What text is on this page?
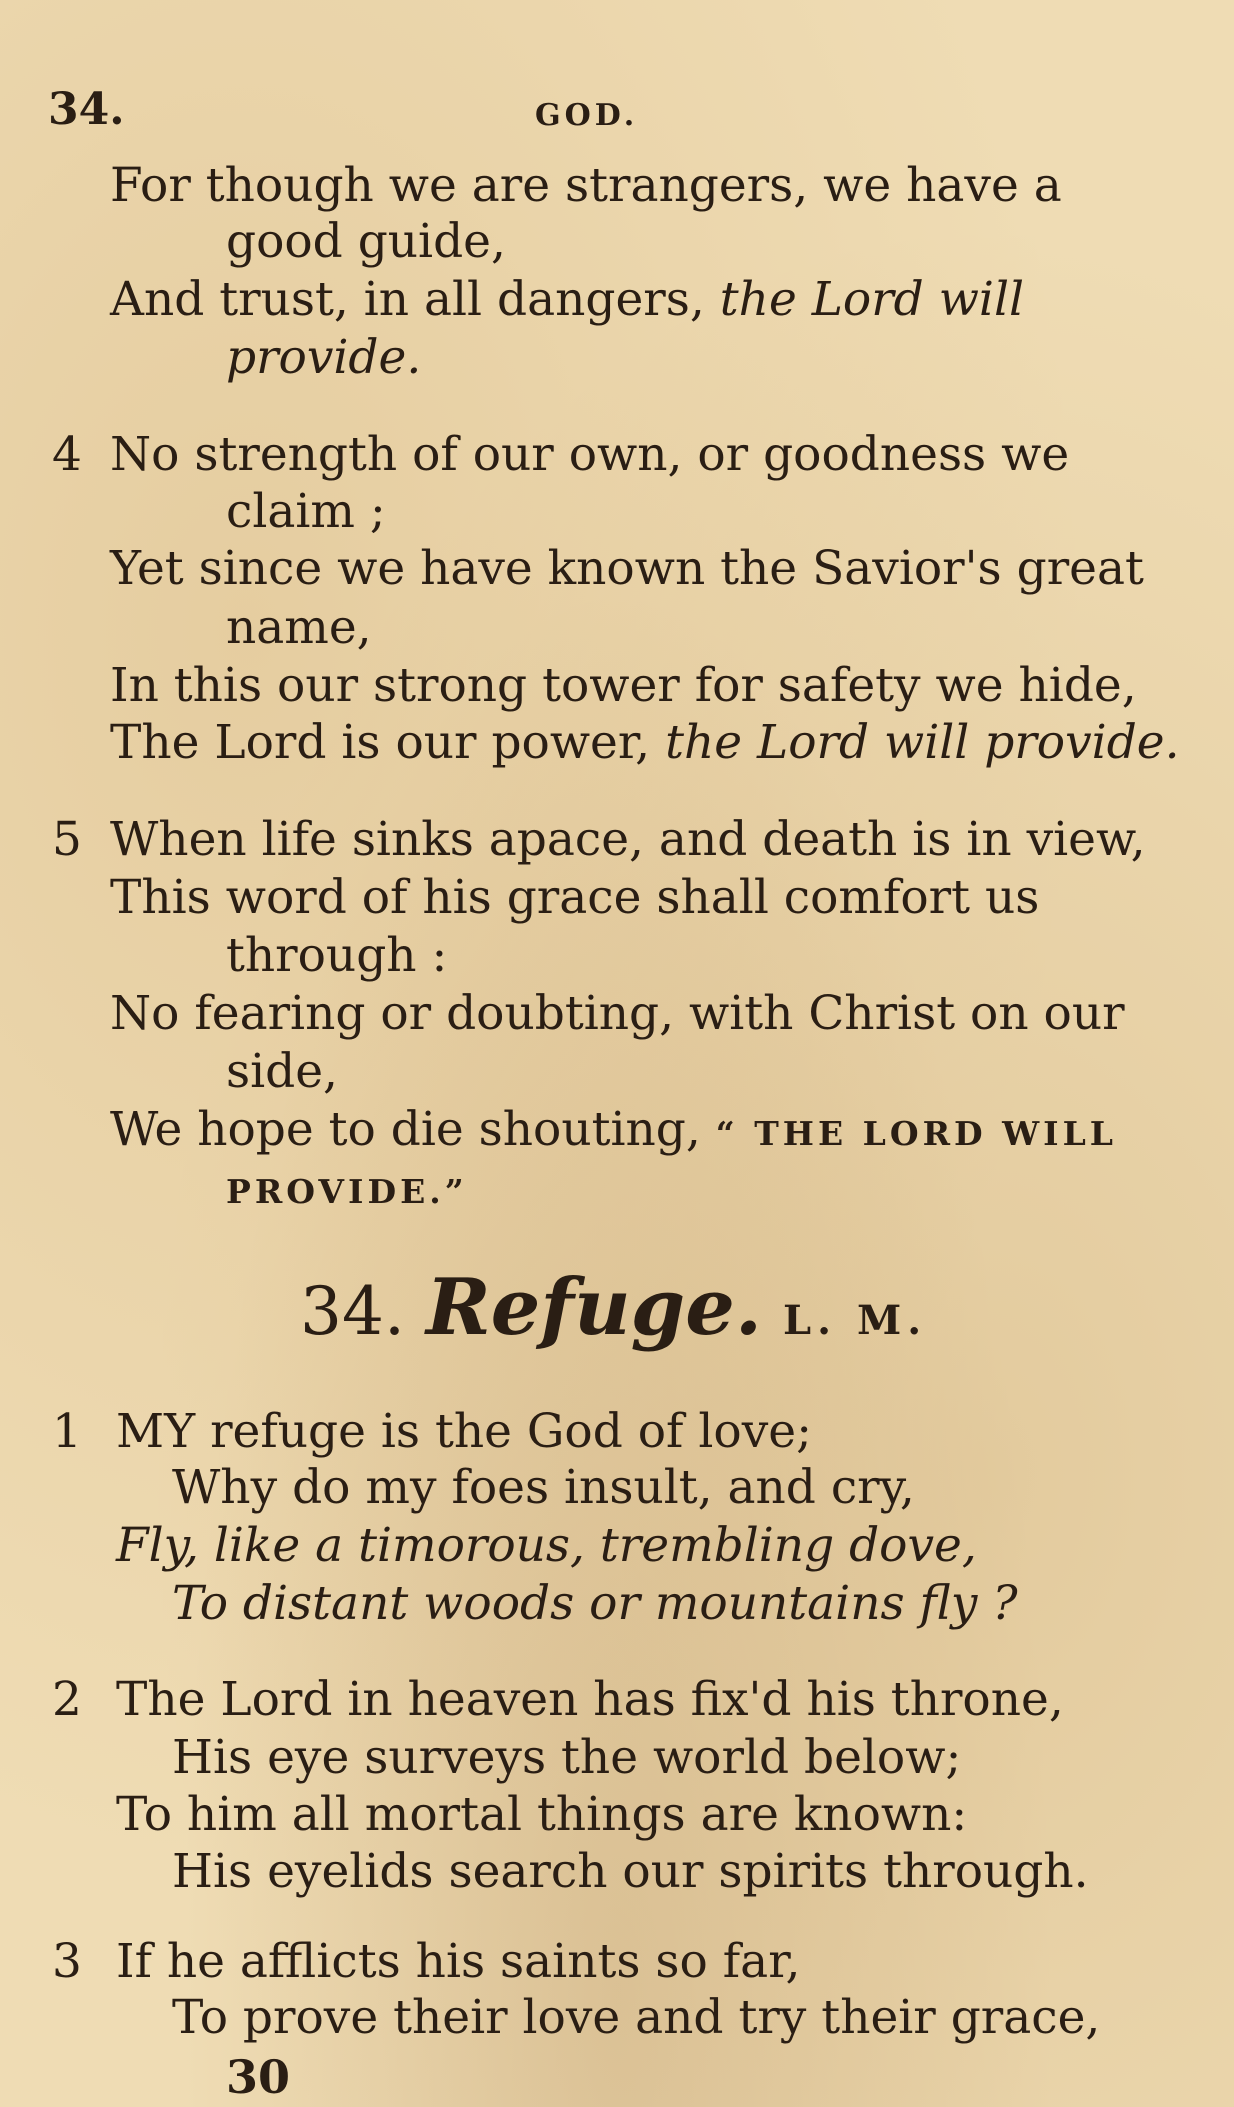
34.	GOD.
For though we are strangers, we have a
good guide,
And trust, in all dangers, the Lord will
provide.
4 No strength of our own, or goodness we
claim ;
Yet since we have known the Savior's great
name,
In this our strong tower for safety we hide,
The Lord is our power, the Lord will provide.
5 When life sinks apace, and death is in view,
This word of his grace shall comfort us
through :
No fearing or doubting, with Christ on our
side,
We hope to die shouting, “ THE LORD WILL
PROVIDE.”
34. Refuge. L. M.
1 MY refuge is the God of love;
Why do my foes insult, and cry,
Fly, like a timorous, trembling dove,
To distant woods or mountains fly ?
2 The Lord in heaven has fix'd his throne,
His eye surveys the world below;
To him all mortal things are known:
His eyelids search our spirits through.
3 If he afflicts his saints so far,
To prove their love and try their grace,
30
